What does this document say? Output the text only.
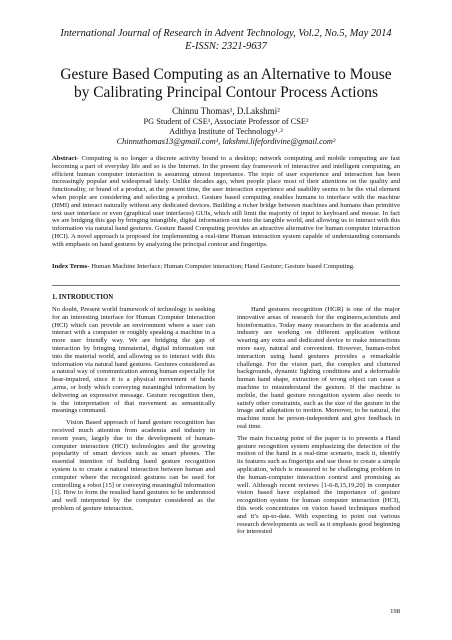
International Journal of Research in Advent Technology, Vol.2, No.5, May 2014
E-ISSN: 2321-9637
Gesture Based Computing as an Alternative to Mouse
by Calibrating Principal Contour Process Actions
Chinnu Thomas¹, D.Lakshmi²
PG Student of CSE¹, Associate Professor of CSE²
Adithya Institute of Technology¹˒²
Chinnuthomas13@gmail.com¹, lakshmi.lifefordivine@gmail.com²
Abstract- Computing is no longer a discrete activity bound to a desktop; network computing and mobile computing are fast becoming a part of everyday life and so is the Internet. In the present day framework of interactive and intelligent computing, an efficient human computer interaction is assuming utmost importance. The topic of user experience and interaction has been increasingly popular and widespread lately. Unlike decades ago, when people place most of their attentions on the quality and functionality, or brand of a product, at the present time, the user interaction experience and usability seems to be the vital element when people are considering and selecting a product. Gesture based computing enables humans to interface with the machine (HMI) and interact naturally without any dedicated devices. Building a richer bridge between machines and humans than primitive text user interface or even (graphical user interfaces) GUIs, which still limit the majority of input to keyboard and mouse. In fact we are bridging this gap by bringing intangible, digital information out into the tangible world, and allowing us to interact with this information via natural hand gestures. Gesture Based Computing provides an attractive alternative for human computer interaction (HCI). A novel approach is proposed for implementing a real-time Human interaction system capable of understanding commands with emphasis on hand gestures by analyzing the principal contour and fingertips.
Index Terms- Human Machine Interface; Human Computer interaction; Hand Gesture; Gesture based Computing.
1. INTRODUCTION

No doubt, Present world framework of technology is seeking for an interesting interface for Human Computer Interaction (HCI) which can provide an environment where a user can interact with a computer or roughly speaking a machine in a more user friendly way. We are bridging the gap of interaction by bringing immaterial, digital information out into the material world, and allowing us to interact with this information via natural hand gestures. Gestures considered as a natural way of communication among human especially for hear-impaired, since it is a physical movement of hands ,arms, or body which conveying meaningful information by delivering an expressive message. Gesture recognition then, is the interpretation of that movement as semantically meanings command.

Vision Based approach of hand gesture recognition has received much attention from academia and industry in recent years, largely due to the development of human-computer interaction (HCI) technologies and the growing popularity of smart devices such as smart phones. The essential intention of building hand gesture recognition system is to create a natural interaction between human and computer where the recognized gestures can be used for controlling a robot [15] or conveying meaningful information [1]. How to form the resulted hand gestures to be understood and well interpreted by the computer considered as the problem of gesture interaction.

Hand gestures recognition (HGR) is one of the major innovative areas of research for the engineers,scientists and bioinformatics. Today many researchers in the academia and industry are working on different application without wearing any extra and dedicated device to make interactions more easy, natural and convenient. However, human-robot interaction using hand gestures provides a remarkable challenge. For the vision part, the complex and cluttered backgrounds, dynamic lighting conditions and a deformable human hand shape, extraction of wrong object can cause a machine to misunderstand the gesture. If the machine is mobile, the hand gesture recognition system also needs to satisfy other constraints, such as the size of the gesture in the image and adaptation to motion. Moreover, to be natural, the machine must be person-independent and give feedback in real time.

The main focusing point of the paper is to presents a Hand gesture recognition system emphasizing the detection of the motion of the hand in a real-time scenario, track it, identify its features such as fingertips and use those to create a simple application, which is measured to be challenging problem in the human-computer interaction context and promising as well. Although recent reviews [1-6-8,15,19,20] in computer vision based have explained the importance of gesture recognition system for human computer interaction (HCI), this work concentrates on vision based techniques method and it’s up-to-date. With expecting to point out various research developments as well as it emphasis good beginning for interested

198
